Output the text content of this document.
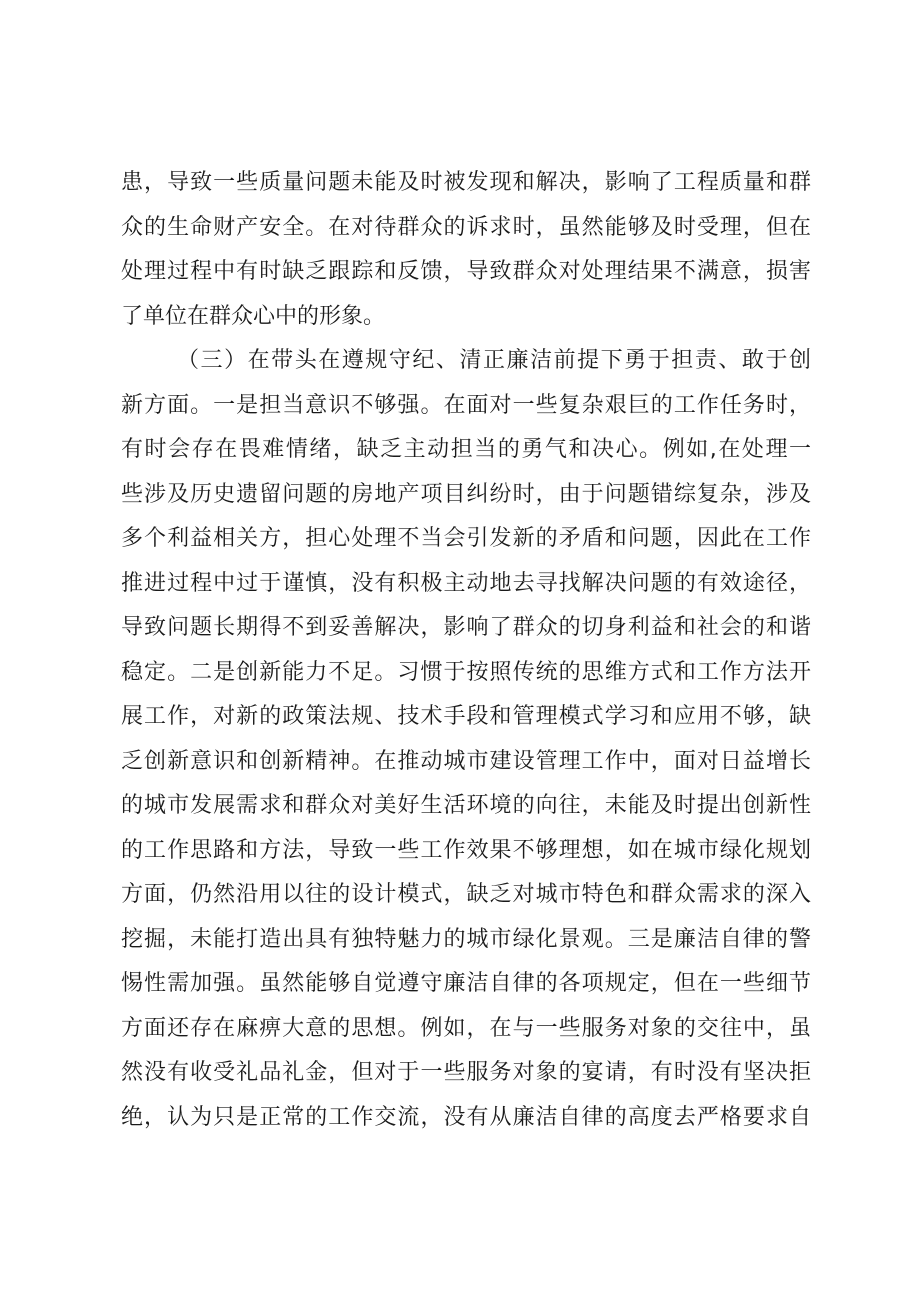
患，导致一些质量问题未能及时被发现和解决，影响了工程质量和群

众的生命财产安全。在对待群众的诉求时，虽然能够及时受理，但在

处理过程中有时缺乏跟踪和反馈，导致群众对处理结果不满意，损害

了单位在群众心中的形象。

（三）在带头在遵规守纪、清正廉洁前提下勇于担责、敢于创

新方面。一是担当意识不够强。在面对一些复杂艰巨的工作任务时，

有时会存在畏难情绪，缺乏主动担当的勇气和决心。例如,在处理一

些涉及历史遗留问题的房地产项目纠纷时，由于问题错综复杂，涉及

多个利益相关方，担心处理不当会引发新的矛盾和问题，因此在工作

推进过程中过于谨慎，没有积极主动地去寻找解决问题的有效途径，

导致问题长期得不到妥善解决，影响了群众的切身利益和社会的和谐

稳定。二是创新能力不足。习惯于按照传统的思维方式和工作方法开

展工作，对新的政策法规、技术手段和管理模式学习和应用不够，缺

乏创新意识和创新精神。在推动城市建设管理工作中，面对日益增长

的城市发展需求和群众对美好生活环境的向往，未能及时提出创新性

的工作思路和方法，导致一些工作效果不够理想，如在城市绿化规划

方面，仍然沿用以往的设计模式，缺乏对城市特色和群众需求的深入

挖掘，未能打造出具有独特魅力的城市绿化景观。三是廉洁自律的警

惕性需加强。虽然能够自觉遵守廉洁自律的各项规定，但在一些细节

方面还存在麻痹大意的思想。例如，在与一些服务对象的交往中，虽

然没有收受礼品礼金，但对于一些服务对象的宴请，有时没有坚决拒

绝，认为只是正常的工作交流，没有从廉洁自律的高度去严格要求自
